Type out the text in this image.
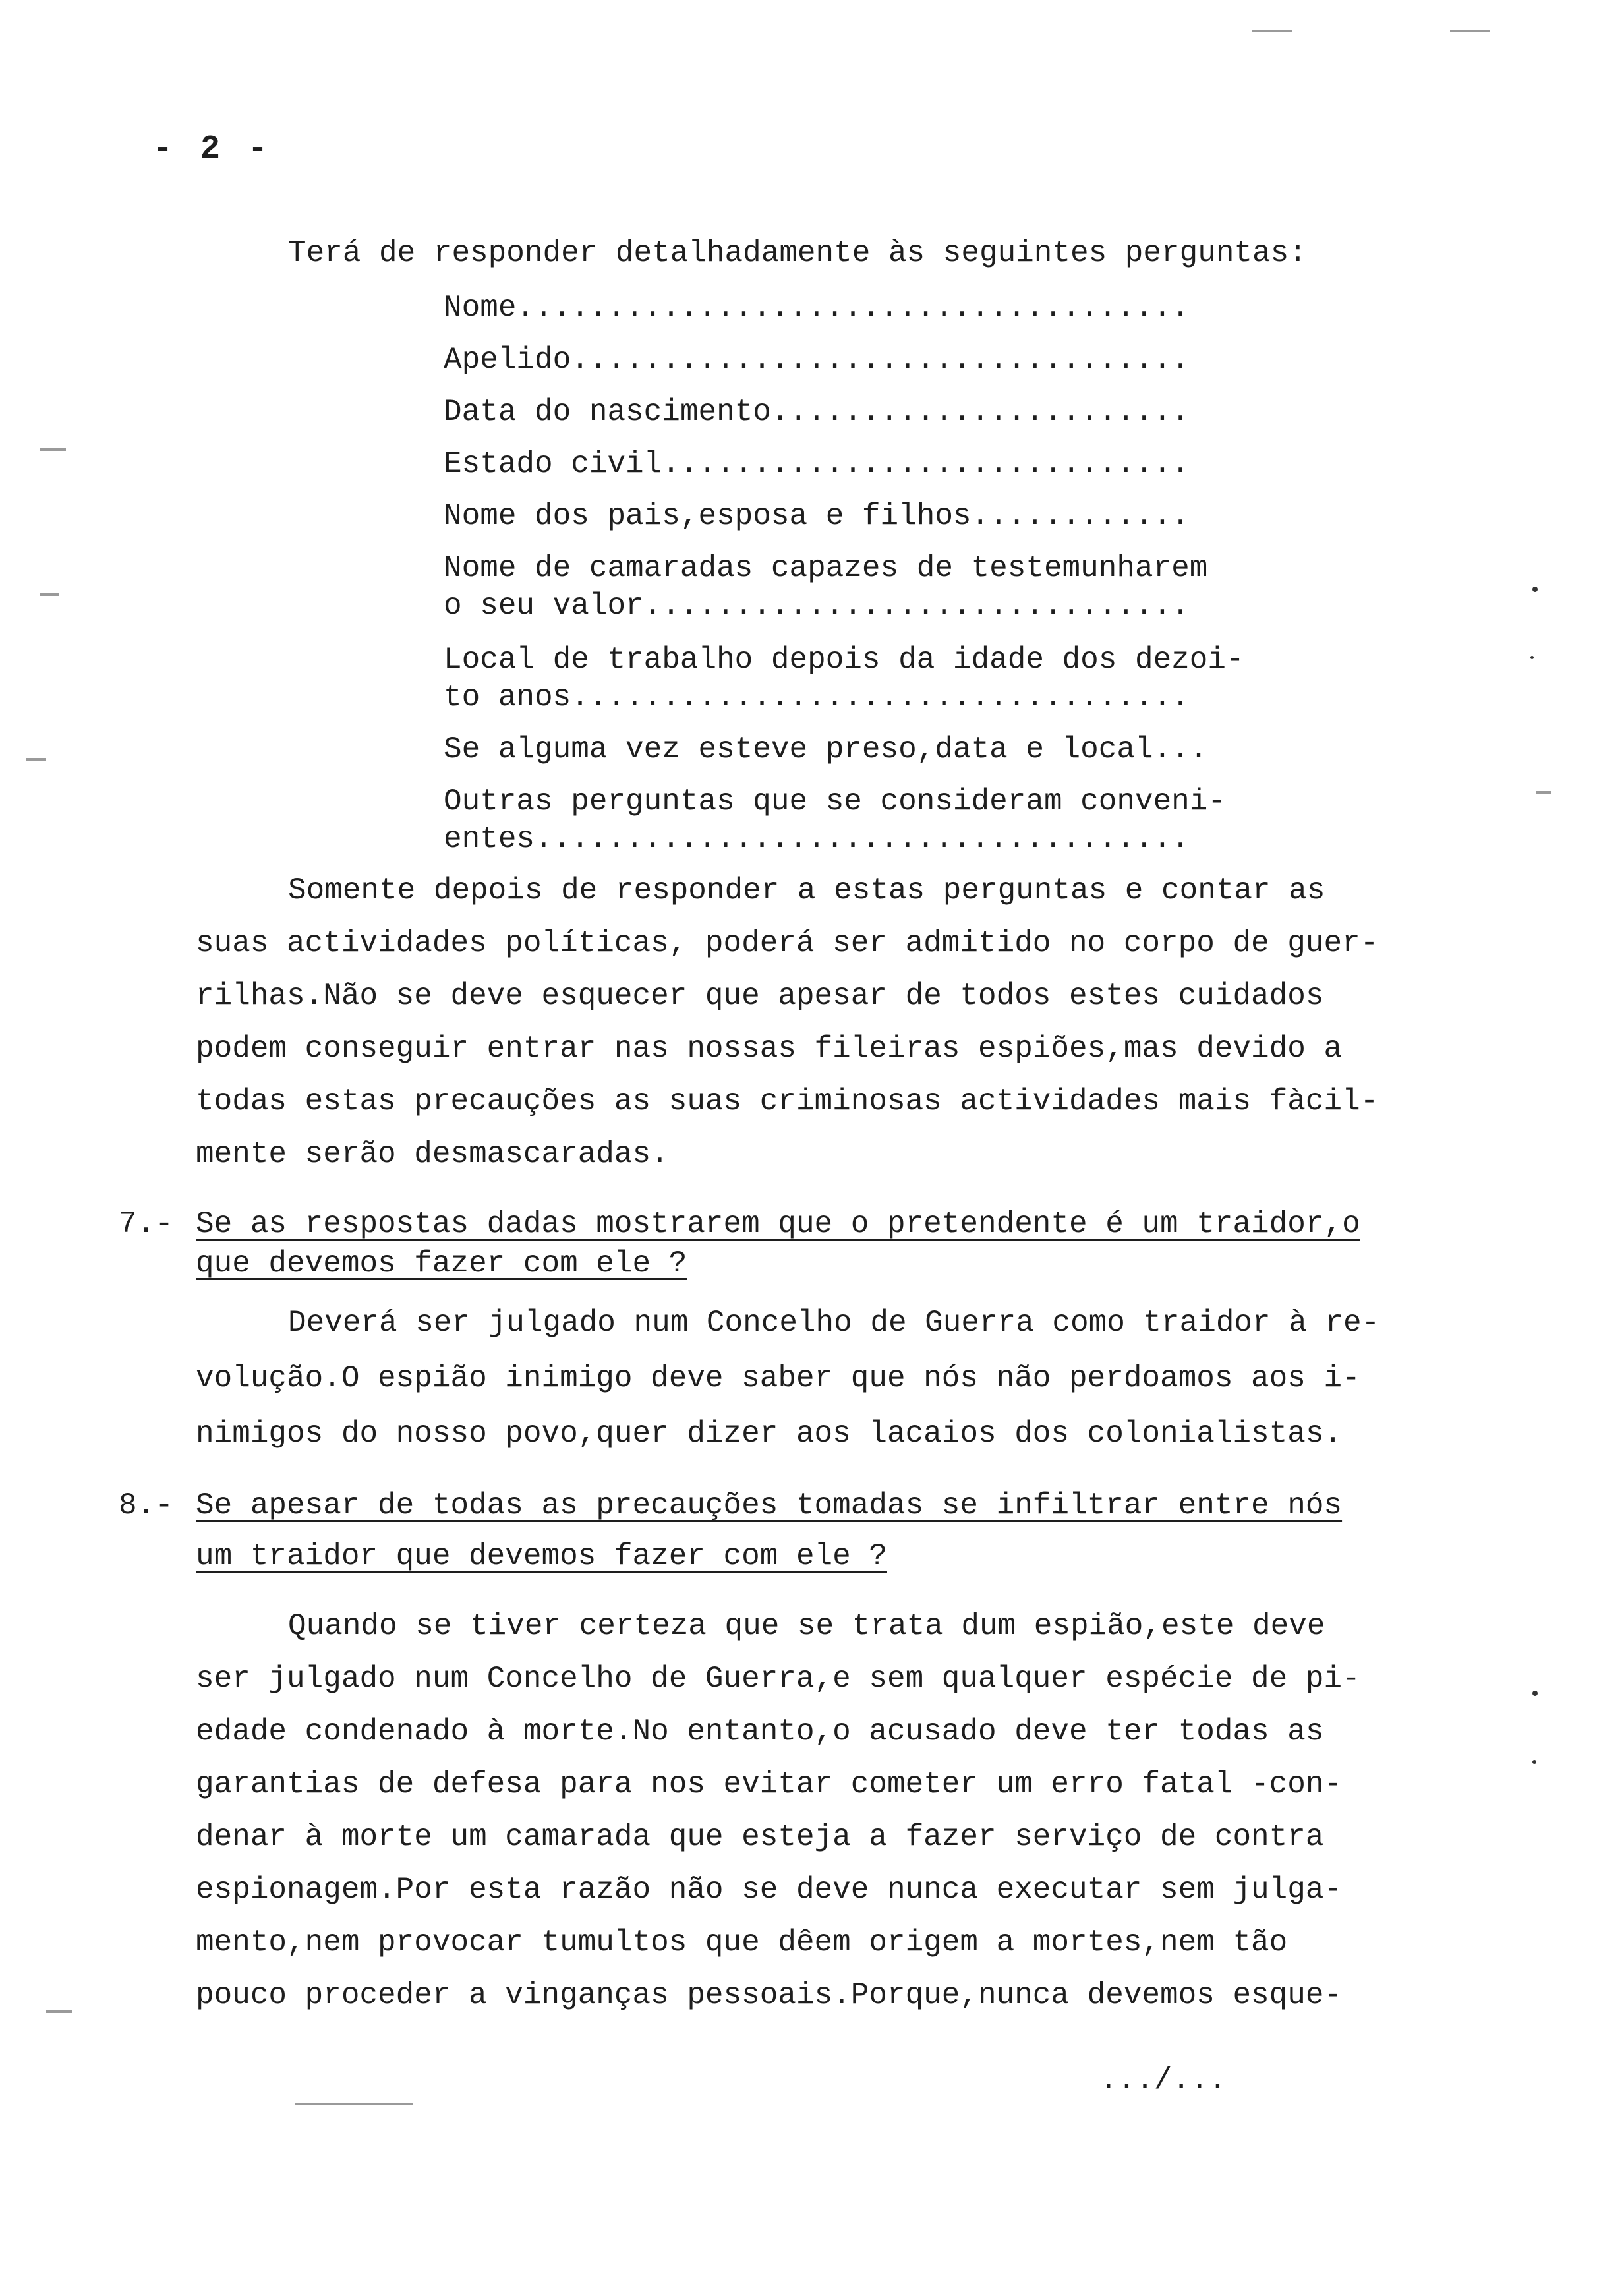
- 2 -
Terá de responder detalhadamente às seguintes perguntas:
Nome.....................................
Apelido..................................
Data do nascimento.......................
Estado civil.............................
Nome dos pais,esposa e filhos............
Nome de camaradas capazes de testemunharem
o seu valor..............................
Local de trabalho depois da idade dos dezoi-
to anos..................................
Se alguma vez esteve preso,data e local...
Outras perguntas que se consideram conveni-
entes....................................
Somente depois de responder a estas perguntas e contar as
suas actividades políticas, poderá ser admitido no corpo de guer-
rilhas.Não se deve esquecer que apesar de todos estes cuidados
podem conseguir entrar nas nossas fileiras espiões,mas devido a
todas estas precauções as suas criminosas actividades mais fàcil-
mente serão desmascaradas.
7.- Se as respostas dadas mostrarem que o pretendente é um traidor,o
que devemos fazer com ele ?
Deverá ser julgado num Concelho de Guerra como traidor à re-
volução.O espião inimigo deve saber que nós não perdoamos aos i-
nimigos do nosso povo,quer dizer aos lacaios dos colonialistas.
8.- Se apesar de todas as precauções tomadas se infiltrar entre nós
um traidor que devemos fazer com ele ?
Quando se tiver certeza que se trata dum espião,este deve
ser julgado num Concelho de Guerra,e sem qualquer espécie de pi-
edade condenado à morte.No entanto,o acusado deve ter todas as
garantias de defesa para nos evitar cometer um erro fatal -con-
denar à morte um camarada que esteja a fazer serviço de contra
espionagem.Por esta razão não se deve nunca executar sem julga-
mento,nem provocar tumultos que dêem origem a mortes,nem tão
pouco proceder a vinganças pessoais.Porque,nunca devemos esque-
.../...
